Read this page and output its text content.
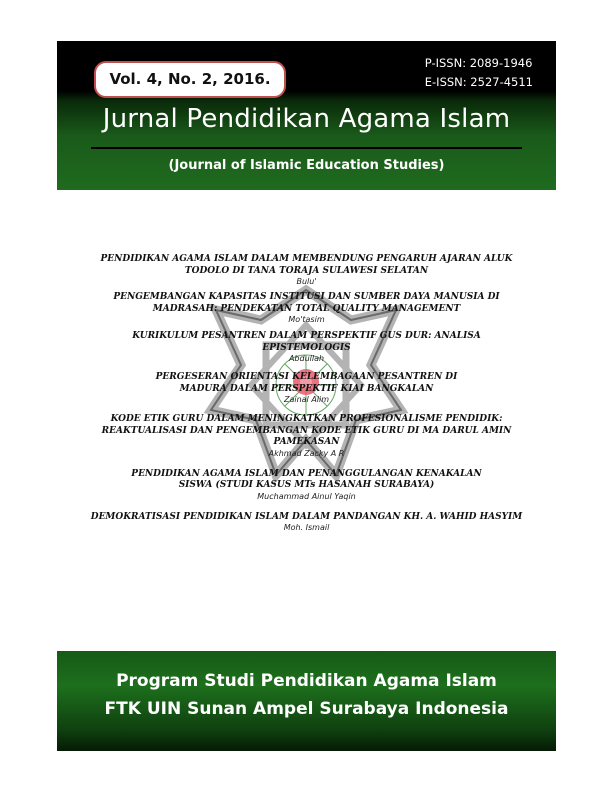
Vol. 4, No. 2, 2016.
P-ISSN: 2089-1946
E-ISSN: 2527-4511
Jurnal Pendidikan Agama Islam
(Journal of Islamic Education Studies)
PENDIDIKAN AGAMA ISLAM DALAM MEMBENDUNG PENGARUH AJARAN ALUK TODOLO DI TANA TORAJA SULAWESI SELATAN
Bulu'
PENGEMBANGAN KAPASITAS INSTITUSI DAN SUMBER DAYA MANUSIA DI MADRASAH: PENDEKATAN TOTAL QUALITY MANAGEMENT
Mo'tasim
KURIKULUM PESANTREN DALAM PERSPEKTIF GUS DUR: ANALISA EPISTEMOLOGIS
Abdullah
PERGESERAN ORIENTASI KELEMBAGAAN PESANTREN DI MADURA DALAM PERSPEKTIF KIAI BANGKALAN
Zainal Alim
KODE ETIK GURU DALAM MENINGKATKAN PROFESIONALISME PENDIDIK: REAKTUALISASI DAN PENGEMBANGAN KODE ETIK GURU DI MA DARUL AMIN PAMEKASAN
Akhmad Zacky A R
PENDIDIKAN AGAMA ISLAM DAN PENANGGULANGAN KENAKALAN SISWA (STUDI KASUS MTs HASANAH SURABAYA)
Muchammad Ainul Yaqin
DEMOKRATISASI PENDIDIKAN ISLAM DALAM PANDANGAN KH. A. WAHID HASYIM
Moh. Ismail
Program Studi Pendidikan Agama Islam
FTK UIN Sunan Ampel Surabaya Indonesia
